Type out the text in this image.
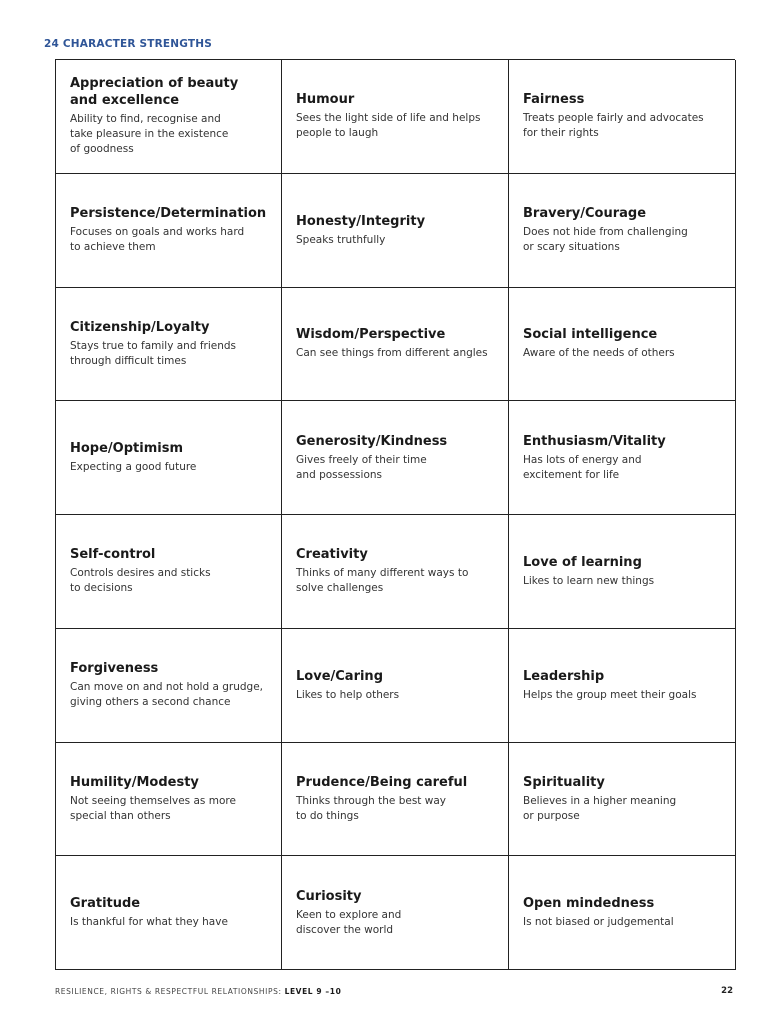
24 CHARACTER STRENGTHS
Appreciation of beauty
and excellence
Ability to find, recognise and
take pleasure in the existence
of goodness
Humour
Sees the light side of life and helps
people to laugh
Fairness
Treats people fairly and advocates
for their rights
Persistence/Determination
Focuses on goals and works hard
to achieve them
Honesty/Integrity
Speaks truthfully
Bravery/Courage
Does not hide from challenging
or scary situations
Citizenship/Loyalty
Stays true to family and friends
through difficult times
Wisdom/Perspective
Can see things from different angles
Social intelligence
Aware of the needs of others
Hope/Optimism
Expecting a good future
Generosity/Kindness
Gives freely of their time
and possessions
Enthusiasm/Vitality
Has lots of energy and
excitement for life
Self-control
Controls desires and sticks
to decisions
Creativity
Thinks of many different ways to
solve challenges
Love of learning
Likes to learn new things
Forgiveness
Can move on and not hold a grudge,
giving others a second chance
Love/Caring
Likes to help others
Leadership
Helps the group meet their goals
Humility/Modesty
Not seeing themselves as more
special than others
Prudence/Being careful
Thinks through the best way
to do things
Spirituality
Believes in a higher meaning
or purpose
Gratitude
Is thankful for what they have
Curiosity
Keen to explore and
discover the world
Open mindedness
Is not biased or judgemental
RESILIENCE, RIGHTS & RESPECTFUL RELATIONSHIPS: LEVEL 9 –10	22
